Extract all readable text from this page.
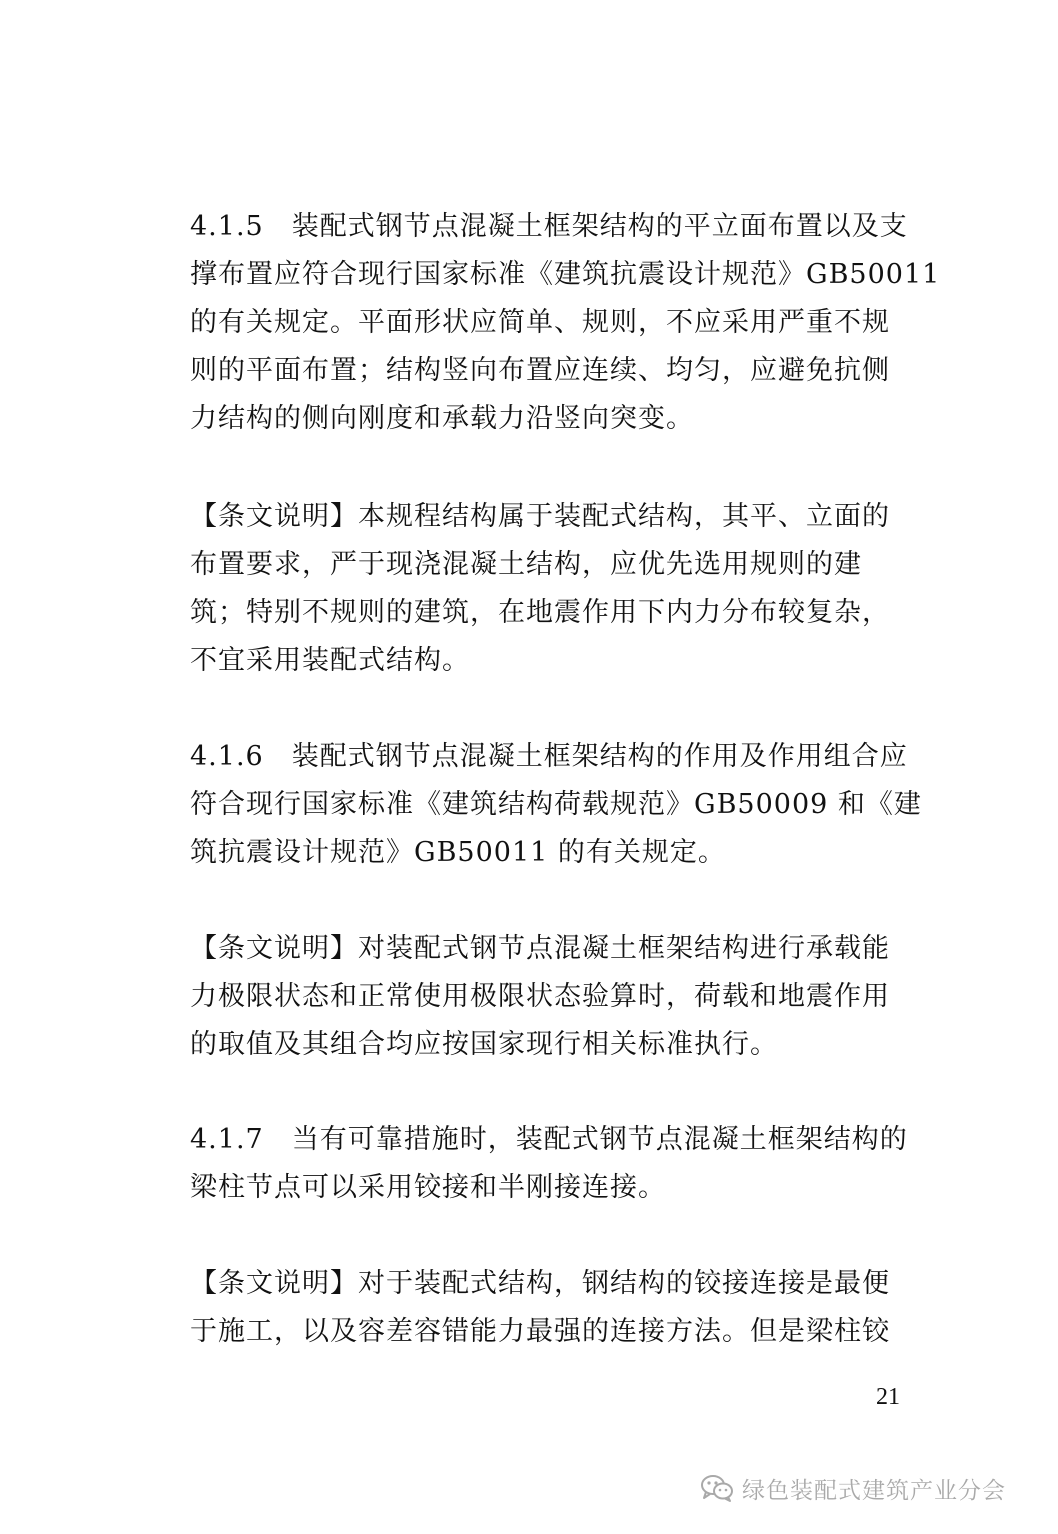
4.1.5　装配式钢节点混凝土框架结构的平立面布置以及支
撑布置应符合现行国家标准《建筑抗震设计规范》GB50011
的有关规定。平面形状应简单、规则，不应采用严重不规
则的平面布置；结构竖向布置应连续、均匀，应避免抗侧
力结构的侧向刚度和承载力沿竖向突变。

【条文说明】本规程结构属于装配式结构，其平、立面的
布置要求，严于现浇混凝土结构，应优先选用规则的建
筑；特别不规则的建筑，在地震作用下内力分布较复杂，
不宜采用装配式结构。

4.1.6　装配式钢节点混凝土框架结构的作用及作用组合应
符合现行国家标准《建筑结构荷载规范》GB50009 和《建
筑抗震设计规范》GB50011 的有关规定。

【条文说明】对装配式钢节点混凝土框架结构进行承载能
力极限状态和正常使用极限状态验算时，荷载和地震作用
的取值及其组合均应按国家现行相关标准执行。

4.1.7　当有可靠措施时，装配式钢节点混凝土框架结构的
梁柱节点可以采用铰接和半刚接连接。

【条文说明】对于装配式结构，钢结构的铰接连接是最便
于施工，以及容差容错能力最强的连接方法。但是梁柱铰

21
绿色装配式建筑产业分会
